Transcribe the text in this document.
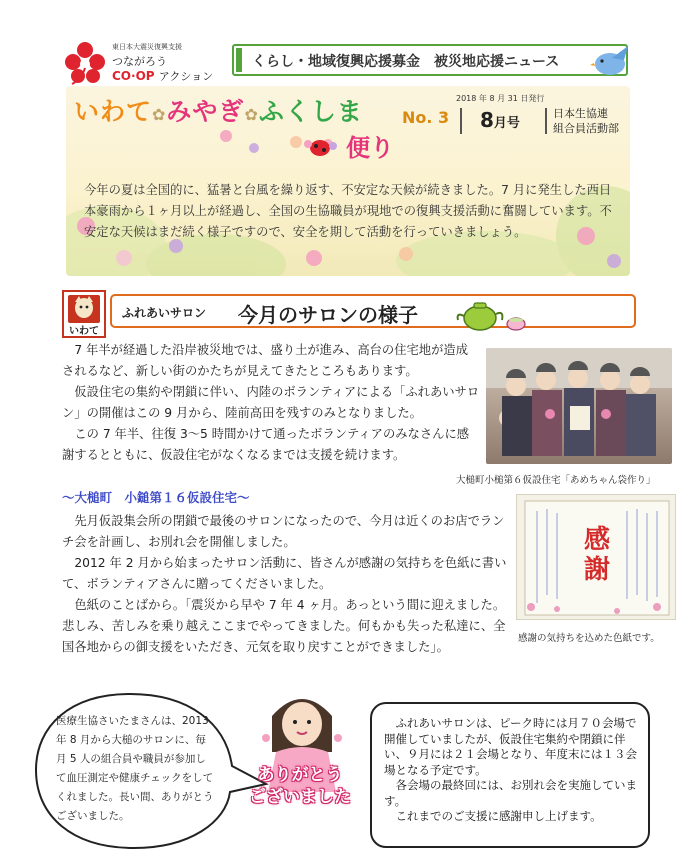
東日本大震災復興支援
つながろう
CO·OP アクション
くらし・地域復興応援募金　被災地応援ニュース
いわて✿みやぎ✿ふくしま
便り
No. 3
2018 年 8 月 31 日発行
8月号
日本生協連
組合員活動部
今年の夏は全国的に、猛暑と台風を繰り返す、不安定な天候が続きました。7 月に発生した西日本豪雨から１ヶ月以上が経過し、全国の生協職員が現地での復興支援活動に奮闘しています。不安定な天候はまだ続く様子ですので、安全を期して活動を行っていきましょう。
いわて
ふれあいサロン 今月のサロンの様子

　7 年半が経過した沿岸被災地では、盛り土が進み、高台の住宅地が造成されるなど、新しい街のかたちが見えてきたところもあります。

　仮設住宅の集約や閉鎖に伴い、内陸のボランティアによる「ふれあいサロン」の開催はこの 9 月から、陸前高田を残すのみとなりました。

　この 7 年半、往復 3～5 時間かけて通ったボランティアのみなさんに感謝するとともに、仮設住宅がなくなるまでは支援を続けます。

大槌町小槌第６仮設住宅「あめちゃん袋作り」
～大槌町　小鎚第１６仮設住宅～

　先月仮設集会所の閉鎖で最後のサロンになったので、今月は近くのお店でランチ会を計画し、お別れ会を開催しました。

　2012 年 2 月から始まったサロン活動に、皆さんが感謝の気持ちを色紙に書いて、ボランティアさんに贈ってくださいました。

　色紙のことばから。｢震災から早や 7 年 4 ヶ月。あっという間に迎えました。悲しみ、苦しみを乗り越えここまでやってきました。何もかも失った私達に、全国各地からの御支援をいただき、元気を取り戻すことができました｣。

感謝
感謝の気持ちを込めた色紙です。
医療生協さいたまさんは、2013 年 8 月から大槌のサロンに、毎月 5 人の組合員や職員が参加して血圧測定や健康チェックをしてくれました。長い間、ありがとうございました。
ありがとう
ございました

　ふれあいサロンは、ピーク時には月７０会場で開催していましたが、仮設住宅集約や閉鎖に伴い、９月には２１会場となり、年度末には１３会場となる予定です。

　各会場の最終回には、お別れ会を実施しています。

　これまでのご支援に感謝申し上げます。
